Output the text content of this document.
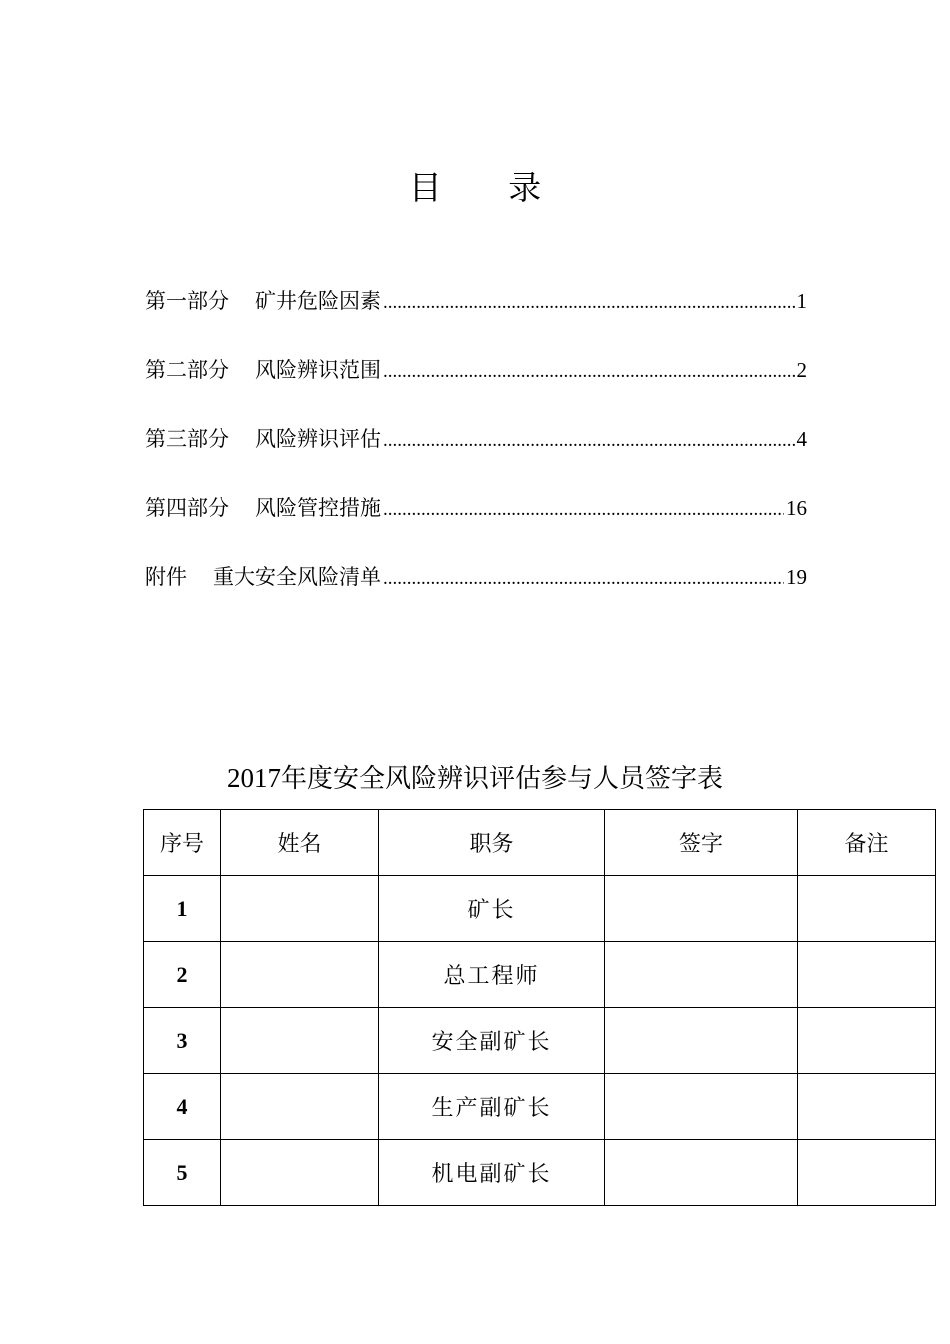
目 录
第一部分 矿井危险因素 .....	1
第二部分 风险辨识范围 .....	2
第三部分 风险辨识评估 .....	4
第四部分 风险管控措施 .....	16
附件 重大安全风险清单 .....	19
2017年度安全风险辨识评估参与人员签字表
序号	姓名	职务	签字	备注
1		矿长		
2		总工程师		
3		安全副矿长		
4		生产副矿长		
5		机电副矿长		
